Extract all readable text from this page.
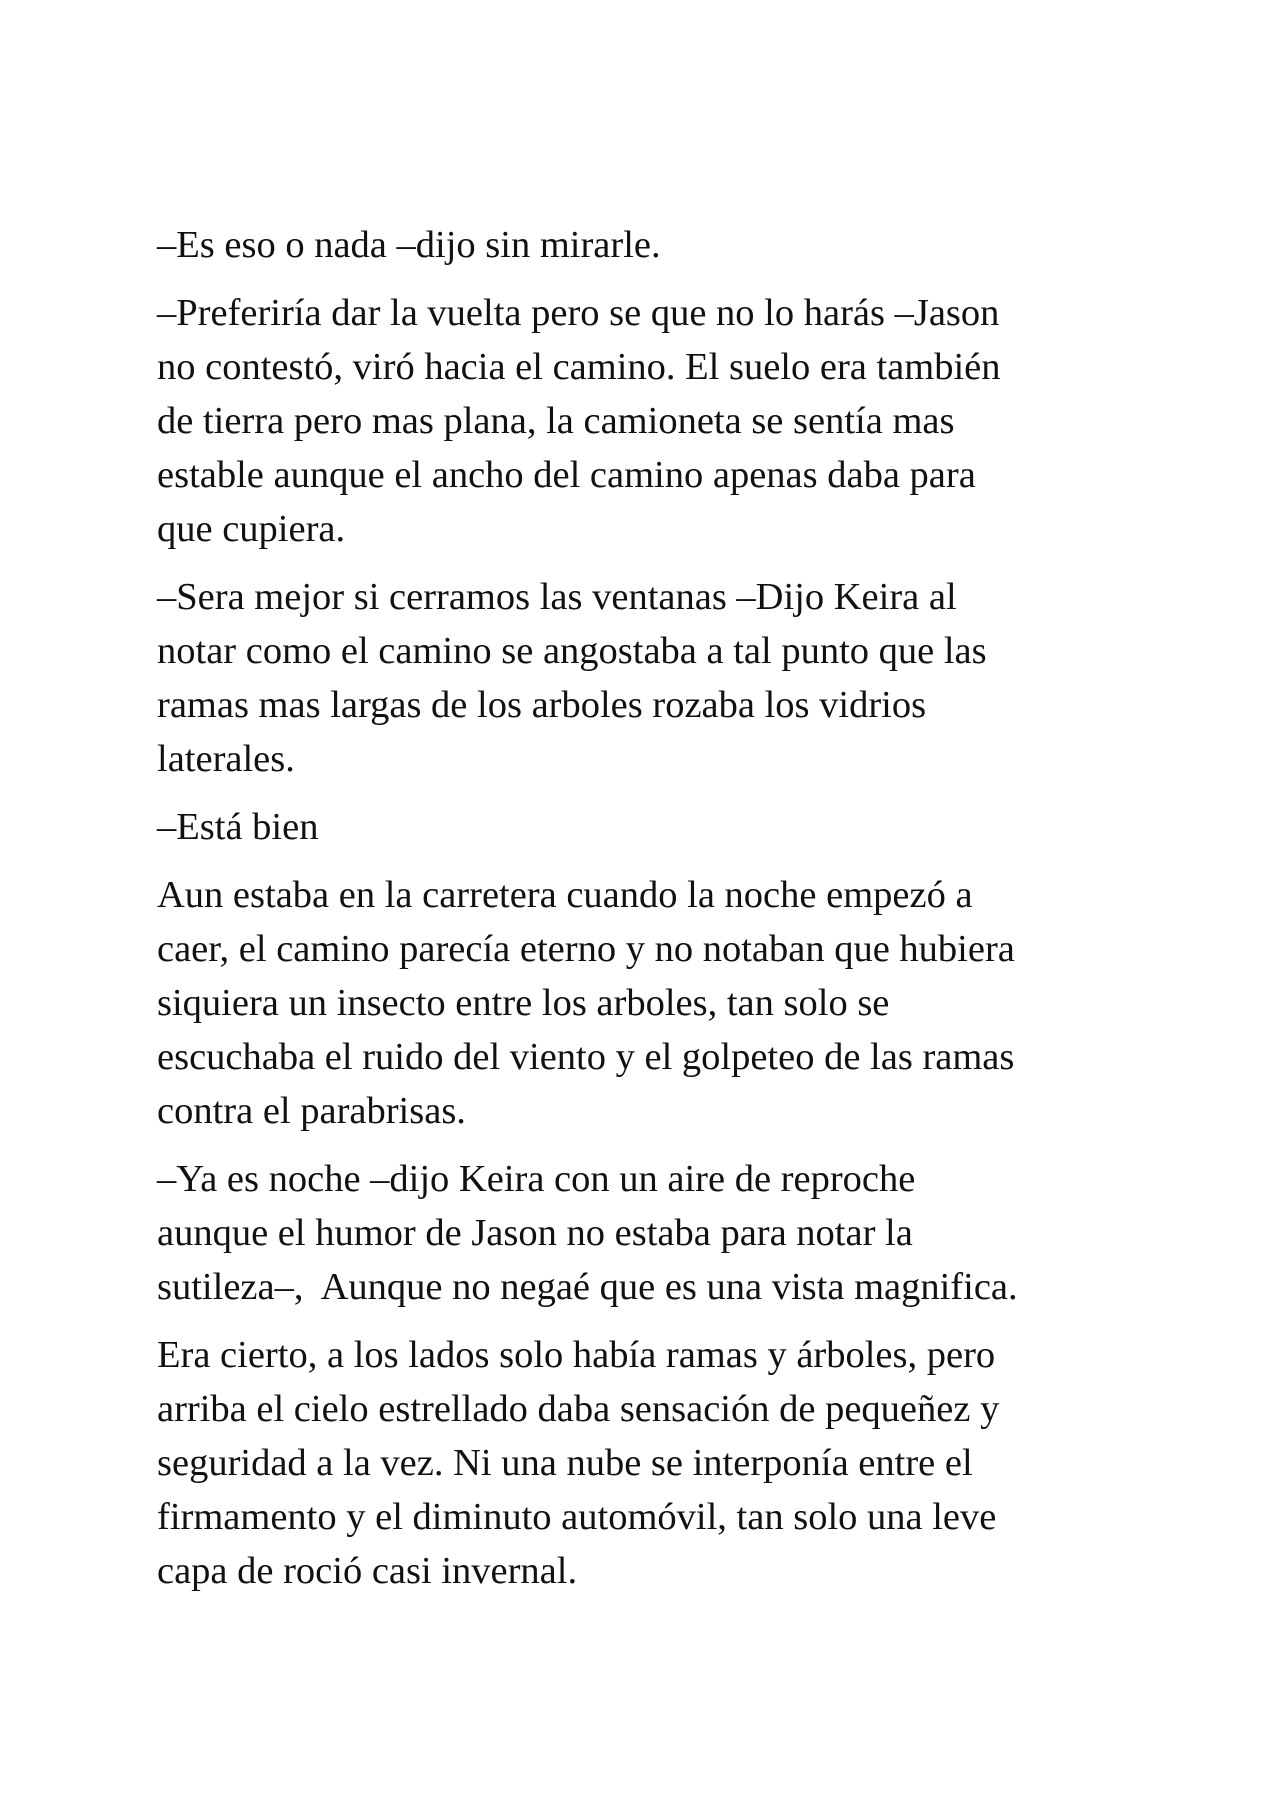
–Es eso o nada –dijo sin mirarle.

–Preferiría dar la vuelta pero se que no lo harás –Jason
no contestó, viró hacia el camino. El suelo era también
de tierra pero mas plana, la camioneta se sentía mas
estable aunque el ancho del camino apenas daba para
que cupiera.

–Sera mejor si cerramos las ventanas –Dijo Keira al
notar como el camino se angostaba a tal punto que las
ramas mas largas de los arboles rozaba los vidrios
laterales.

–Está bien

Aun estaba en la carretera cuando la noche empezó a
caer, el camino parecía eterno y no notaban que hubiera
siquiera un insecto entre los arboles, tan solo se
escuchaba el ruido del viento y el golpeteo de las ramas
contra el parabrisas.

–Ya es noche –dijo Keira con un aire de reproche
aunque el humor de Jason no estaba para notar la
sutileza–,  Aunque no negaé que es una vista magnifica.

Era cierto, a los lados solo había ramas y árboles, pero
arriba el cielo estrellado daba sensación de pequeñez y
seguridad a la vez. Ni una nube se interponía entre el
firmamento y el diminuto automóvil, tan solo una leve
capa de roció casi invernal.
